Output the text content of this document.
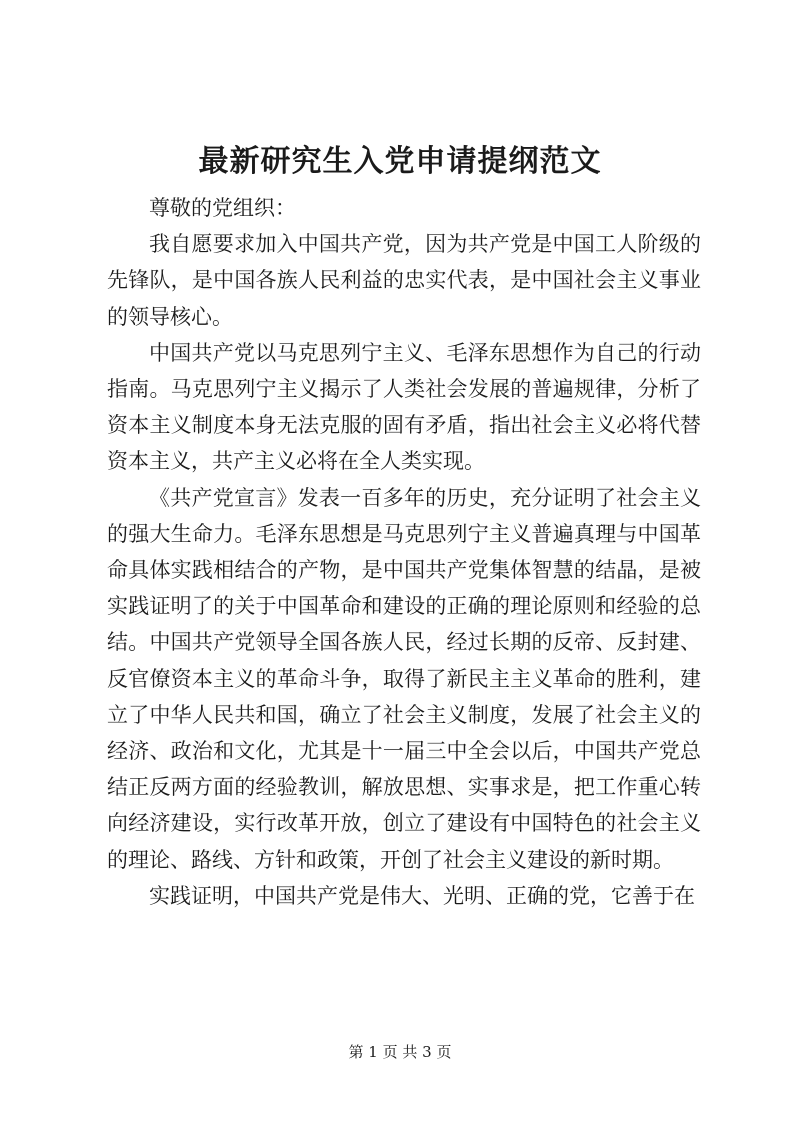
最新研究生入党申请提纲范文

尊敬的党组织：

我自愿要求加入中国共产党，因为共产党是中国工人阶级的先锋队，是中国各族人民利益的忠实代表，是中国社会主义事业的领导核心。

中国共产党以马克思列宁主义、毛泽东思想作为自己的行动指南。马克思列宁主义揭示了人类社会发展的普遍规律，分析了资本主义制度本身无法克服的固有矛盾，指出社会主义必将代替资本主义，共产主义必将在全人类实现。

《共产党宣言》发表一百多年的历史，充分证明了社会主义的强大生命力。毛泽东思想是马克思列宁主义普遍真理与中国革命具体实践相结合的产物，是中国共产党集体智慧的结晶，是被实践证明了的关于中国革命和建设的正确的理论原则和经验的总结。中国共产党领导全国各族人民，经过长期的反帝、反封建、反官僚资本主义的革命斗争，取得了新民主主义革命的胜利，建立了中华人民共和国，确立了社会主义制度，发展了社会主义的经济、政治和文化，尤其是十一届三中全会以后，中国共产党总结正反两方面的经验教训，解放思想、实事求是，把工作重心转向经济建设，实行改革开放，创立了建设有中国特色的社会主义的理论、路线、方针和政策，开创了社会主义建设的新时期。

实践证明，中国共产党是伟大、光明、正确的党，它善于在

第 1 页 共 3 页
